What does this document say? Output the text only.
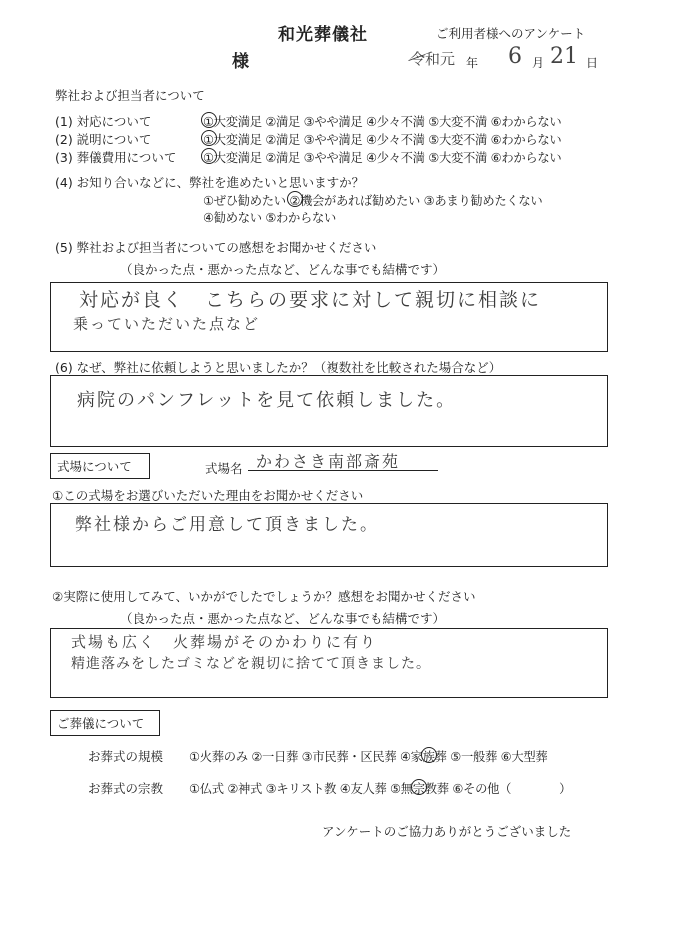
和光葬儀社	ご利用者様へのアンケート
様	令和元 年 6 月 21 日
弊社および担当者について
(1) 対応について	①大変満足 ②満足 ③やや満足 ④少々不満 ⑤大変不満 ⑥わからない
(2) 説明について	①大変満足 ②満足 ③やや満足 ④少々不満 ⑤大変不満 ⑥わからない
(3) 葬儀費用について ①大変満足 ②満足 ③やや満足 ④少々不満 ⑤大変不満 ⑥わからない
(4) お知り合いなどに、弊社を進めたいと思いますか？
①ぜひ勧めたい ②機会があれば勧めたい ③あまり勧めたくない
④勧めない ⑤わからない
(5) 弊社および担当者についての感想をお聞かせください
（良かった点・悪かった点など、どんな事でも結構です）
対応が良く　こちらの要求に対して親切に相談に
乗っていただいた点など
(6) なぜ、弊社に依頼しようと思いましたか？（複数社を比較された場合など）
病院のパンフレットを見て依頼しました。
式場について	式場名 かわさき南部斎苑
①この式場をお選びいただいた理由をお聞かせください
弊社様からご用意して頂きました。
②実際に使用してみて、いかがでしたでしょうか？感想をお聞かせください
（良かった点・悪かった点など、どんな事でも結構です）
式場も広く　火葬場がそのかわりに有り
精進落みをしたゴミなどを親切に捨てて頂きました。
ご葬儀について
お葬式の規模 ①火葬のみ ②一日葬 ③市民葬・区民葬 ④家族葬 ⑤一般葬 ⑥大型葬
お葬式の宗教 ①仏式 ②神式 ③キリスト教 ④友人葬 ⑤無宗教葬 ⑥その他（　　　　）
アンケートのご協力ありがとうございました
